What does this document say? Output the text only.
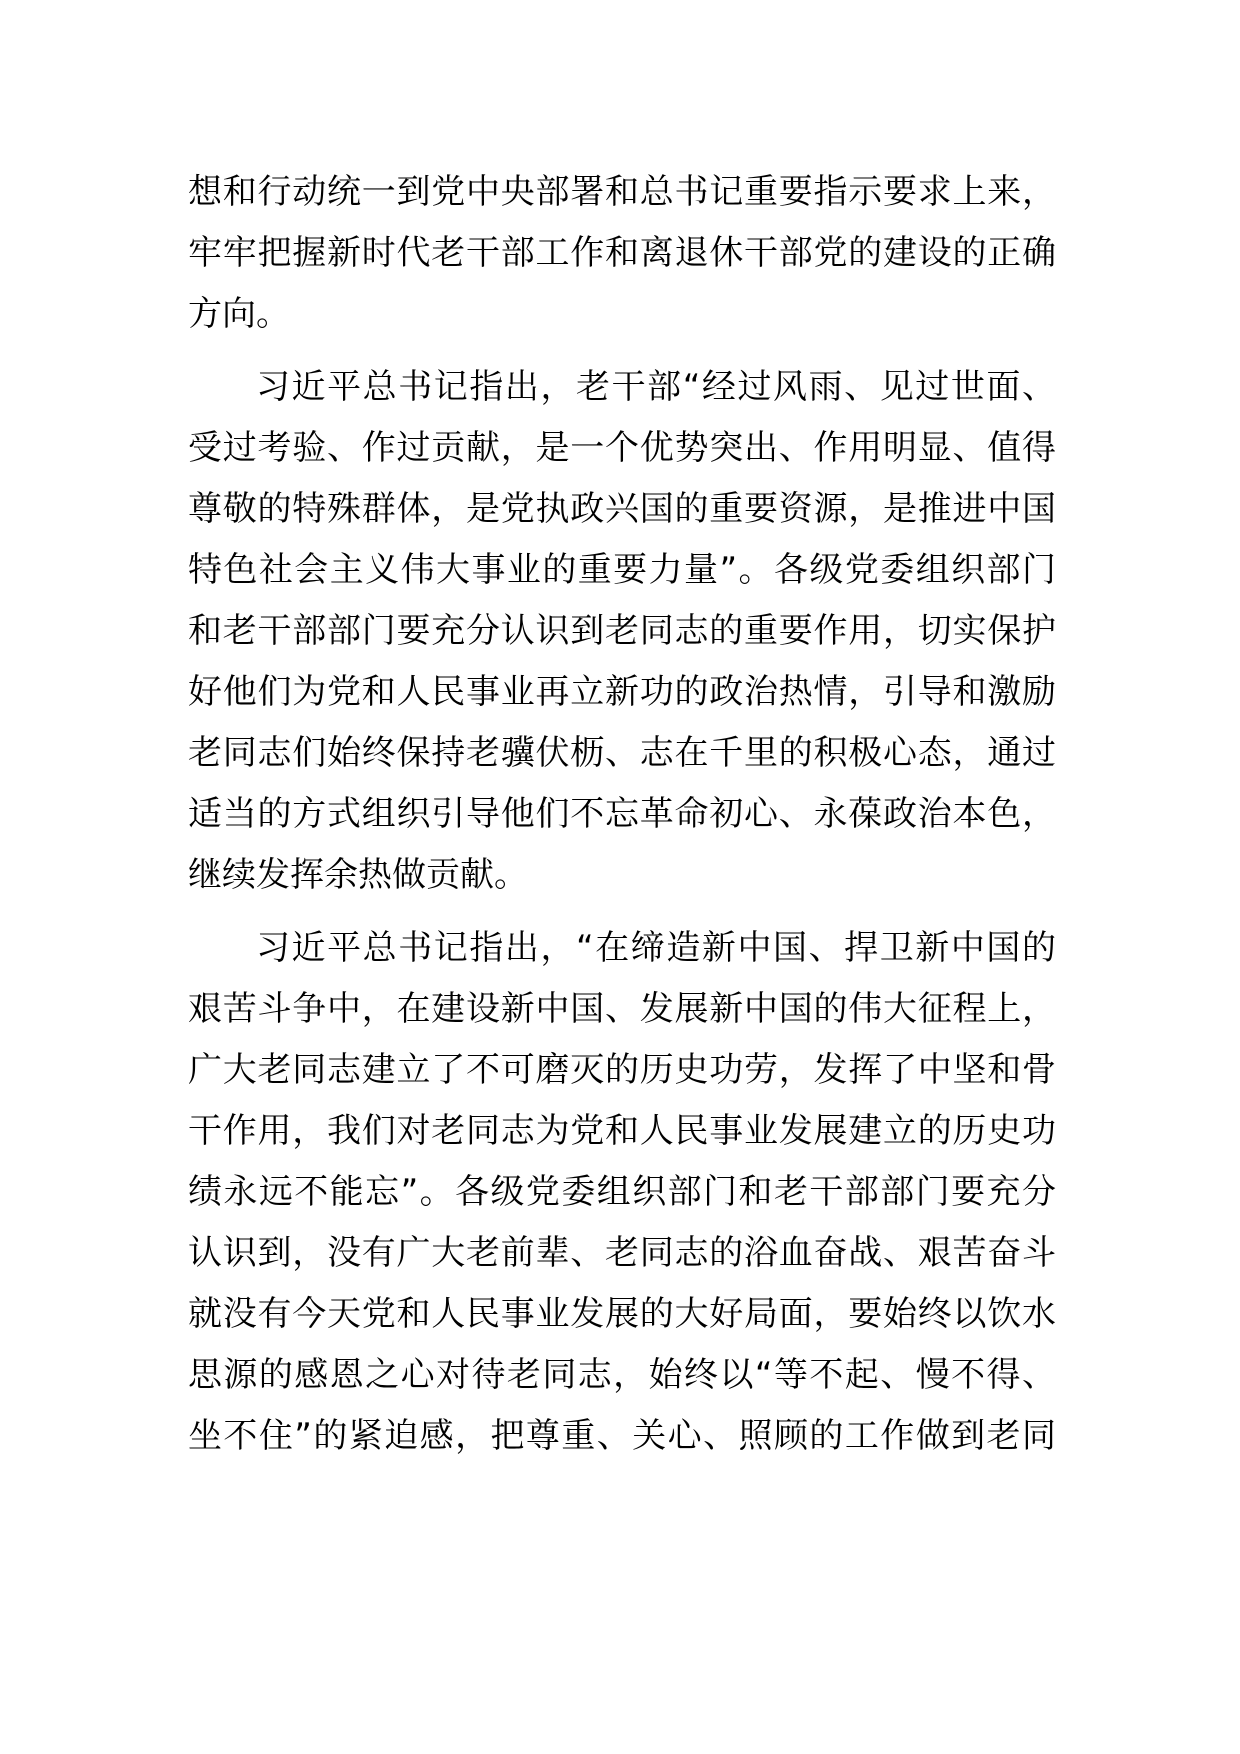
想和行动统一到党中央部署和总书记重要指示要求上来，
牢牢把握新时代老干部工作和离退休干部党的建设的正确
方向。
习近平总书记指出，老干部“经过风雨、见过世面、
受过考验、作过贡献，是一个优势突出、作用明显、值得
尊敬的特殊群体，是党执政兴国的重要资源，是推进中国
特色社会主义伟大事业的重要力量”。各级党委组织部门
和老干部部门要充分认识到老同志的重要作用，切实保护
好他们为党和人民事业再立新功的政治热情，引导和激励
老同志们始终保持老骥伏枥、志在千里的积极心态，通过
适当的方式组织引导他们不忘革命初心、永葆政治本色，
继续发挥余热做贡献。
习近平总书记指出，“在缔造新中国、捍卫新中国的
艰苦斗争中，在建设新中国、发展新中国的伟大征程上，
广大老同志建立了不可磨灭的历史功劳，发挥了中坚和骨
干作用，我们对老同志为党和人民事业发展建立的历史功
绩永远不能忘”。各级党委组织部门和老干部部门要充分
认识到，没有广大老前辈、老同志的浴血奋战、艰苦奋斗
就没有今天党和人民事业发展的大好局面，要始终以饮水
思源的感恩之心对待老同志，始终以“等不起、慢不得、
坐不住”的紧迫感，把尊重、关心、照顾的工作做到老同
